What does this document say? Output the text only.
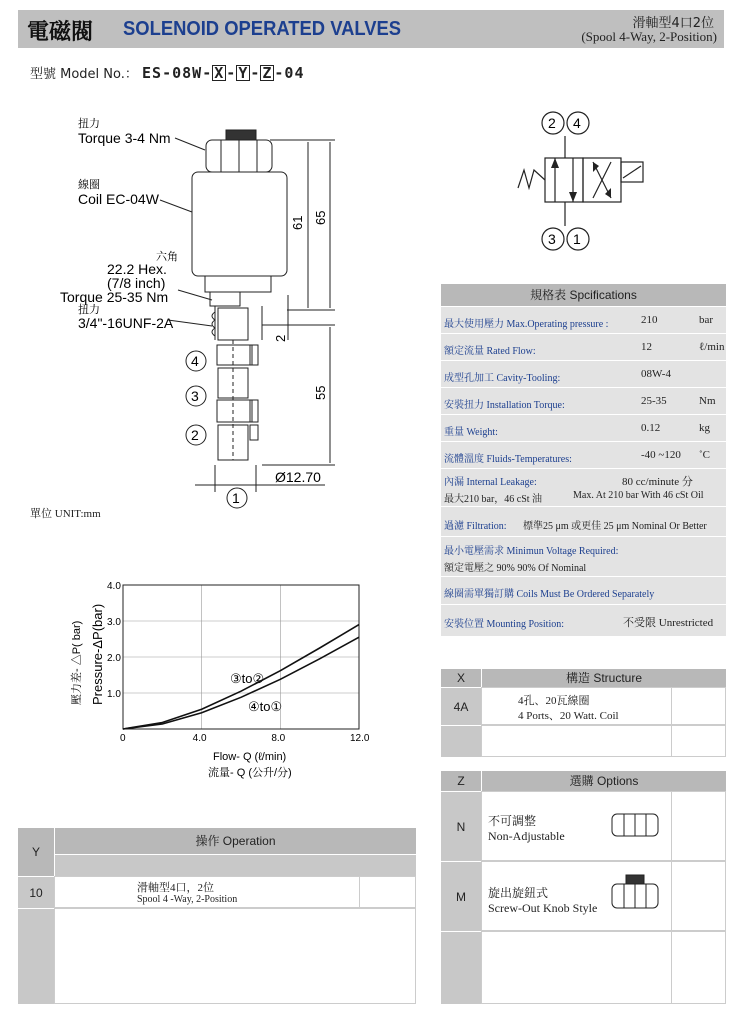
電磁閥 SOLENOID OPERATED VALVES	滑軸型4口2位
(Spool 4-Way, 2-Position)
型號 Model No.： ES-08W- X - Y - Z -04
扭力
Torque 3-4 Nm
線圈
Coil EC-04W
六角
22.2 Hex.
(7/8 inch)
Torque 25-35 Nm
扭力
3/4"-16UNF-2A
61 65
2
55
Ø12.70
4
3
2
1
單位 UNIT:mm
2 4
3 1
0	4.0	8.0	12.0
1.0
2.0
3.0
4.0
Pressure-ΔP(bar)
壓力差- △P( bar)
Flow- Q (ℓ/min)
流量- Q (公升/分)
③to②
④to①
規格表 Spcifications
最大使用壓力 Max.Operating pressure :	210	bar
額定流量 Rated Flow:	12	ℓ/min
成型孔加工 Cavity-Tooling:	08W-4
安裝扭力 Installation Torque:	25-35	Nm
重量 Weight:	0.12	kg
流體溫度 Fluids-Temperatures:	-40 ~120 ˚C
內漏 Internal Leakage:	80 cc/minute 分
最大210 bar，46 cSt 油	Max. At 210 bar With 46 cSt Oil
過濾 Filtration: 標準25 μm 或更佳 25 μm Nominal Or Better
最小電壓需求 Minimun Voltage Required:
額定電壓之 90% 90% Of Nominal
線圈需單獨訂購 Coils Must Be Ordered Separately
安裝位置 Mounting Position:	不受限 Unrestricted
X	構造 Structure
4A	4孔、20瓦線圈
4 Ports、20 Watt. Coil
Z	選購 Options
N	不可調整
Non-Adjustable
M	旋出旋鈕式
Screw-Out Knob Style
Y
操作 Operation
10	滑軸型4口，2位
Spool 4 -Way, 2-Position
